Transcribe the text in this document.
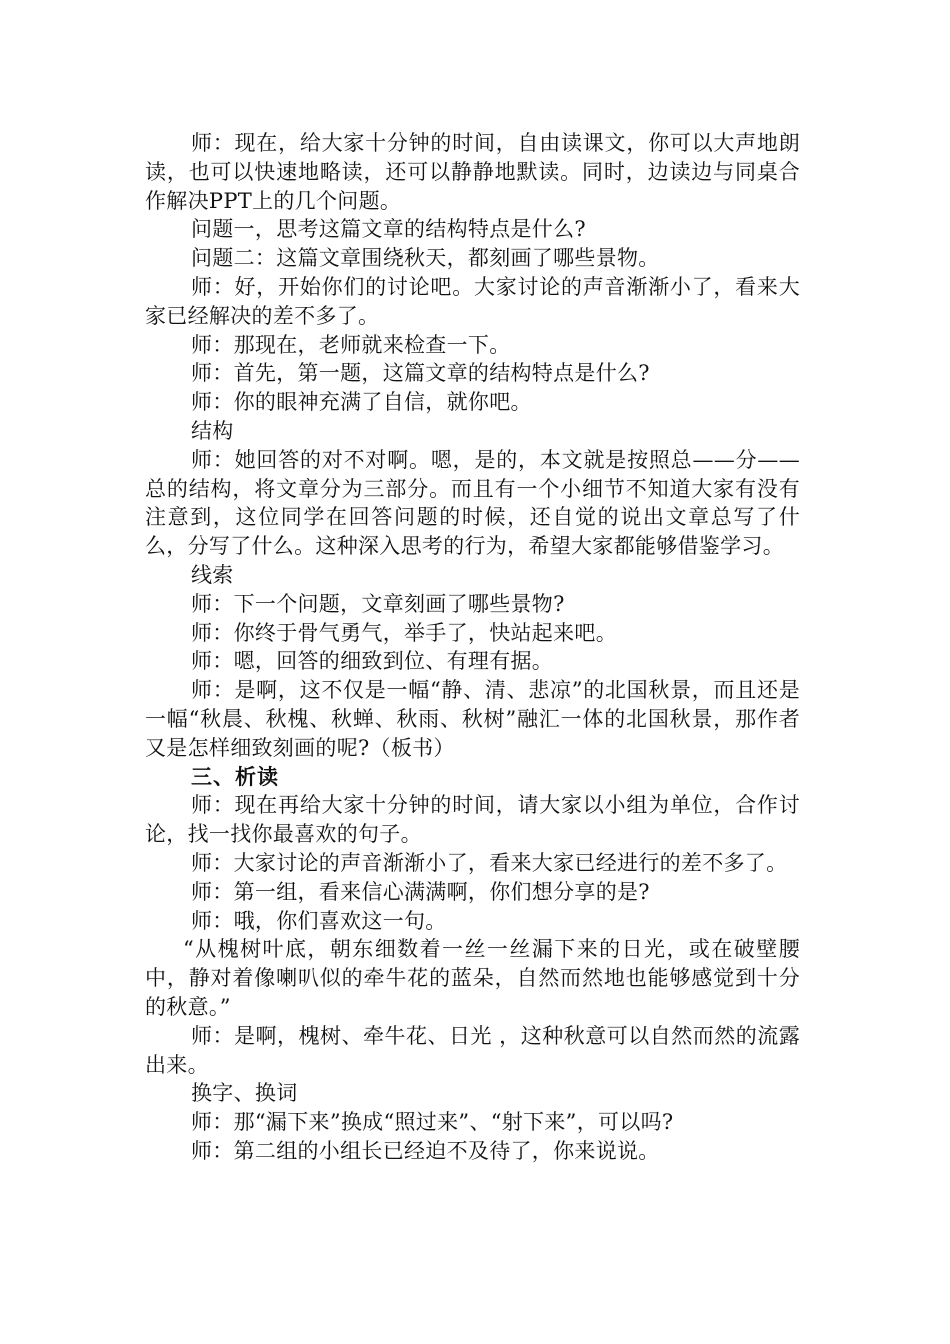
师：现在，给大家十分钟的时间，自由读课文，你可以大声地朗读，也可以快速地略读，还可以静静地默读。同时，边读边与同桌合作解决PPT上的几个问题。

问题一，思考这篇文章的结构特点是什么?

问题二：这篇文章围绕秋天，都刻画了哪些景物。

师：好，开始你们的讨论吧。大家讨论的声音渐渐小了，看来大家已经解决的差不多了。

师：那现在，老师就来检查一下。

师：首先，第一题，这篇文章的结构特点是什么?

师：你的眼神充满了自信，就你吧。

结构

师：她回答的对不对啊。嗯，是的，本文就是按照总——分——总的结构，将文章分为三部分。而且有一个小细节不知道大家有没有注意到，这位同学在回答问题的时候，还自觉的说出文章总写了什么，分写了什么。这种深入思考的行为，希望大家都能够借鉴学习。

线索

师：下一个问题，文章刻画了哪些景物?

师：你终于骨气勇气，举手了，快站起来吧。

师：嗯，回答的细致到位、有理有据。

师：是啊，这不仅是一幅“静、清、悲凉”的北国秋景，而且还是一幅“秋晨、秋槐、秋蝉、秋雨、秋树”融汇一体的北国秋景，那作者又是怎样细致刻画的呢?（板书）

三、析读

师：现在再给大家十分钟的时间，请大家以小组为单位，合作讨论，找一找你最喜欢的句子。

师：大家讨论的声音渐渐小了，看来大家已经进行的差不多了。

师：第一组，看来信心满满啊，你们想分享的是?

师：哦，你们喜欢这一句。

“从槐树叶底，朝东细数着一丝一丝漏下来的日光，或在破壁腰中，静对着像喇叭似的牵牛花的蓝朵，自然而然地也能够感觉到十分的秋意。”

师：是啊，槐树、牵牛花、日光 ，这种秋意可以自然而然的流露出来。

换字、换词

师：那“漏下来”换成“照过来”、“射下来”，可以吗?

师：第二组的小组长已经迫不及待了，你来说说。
